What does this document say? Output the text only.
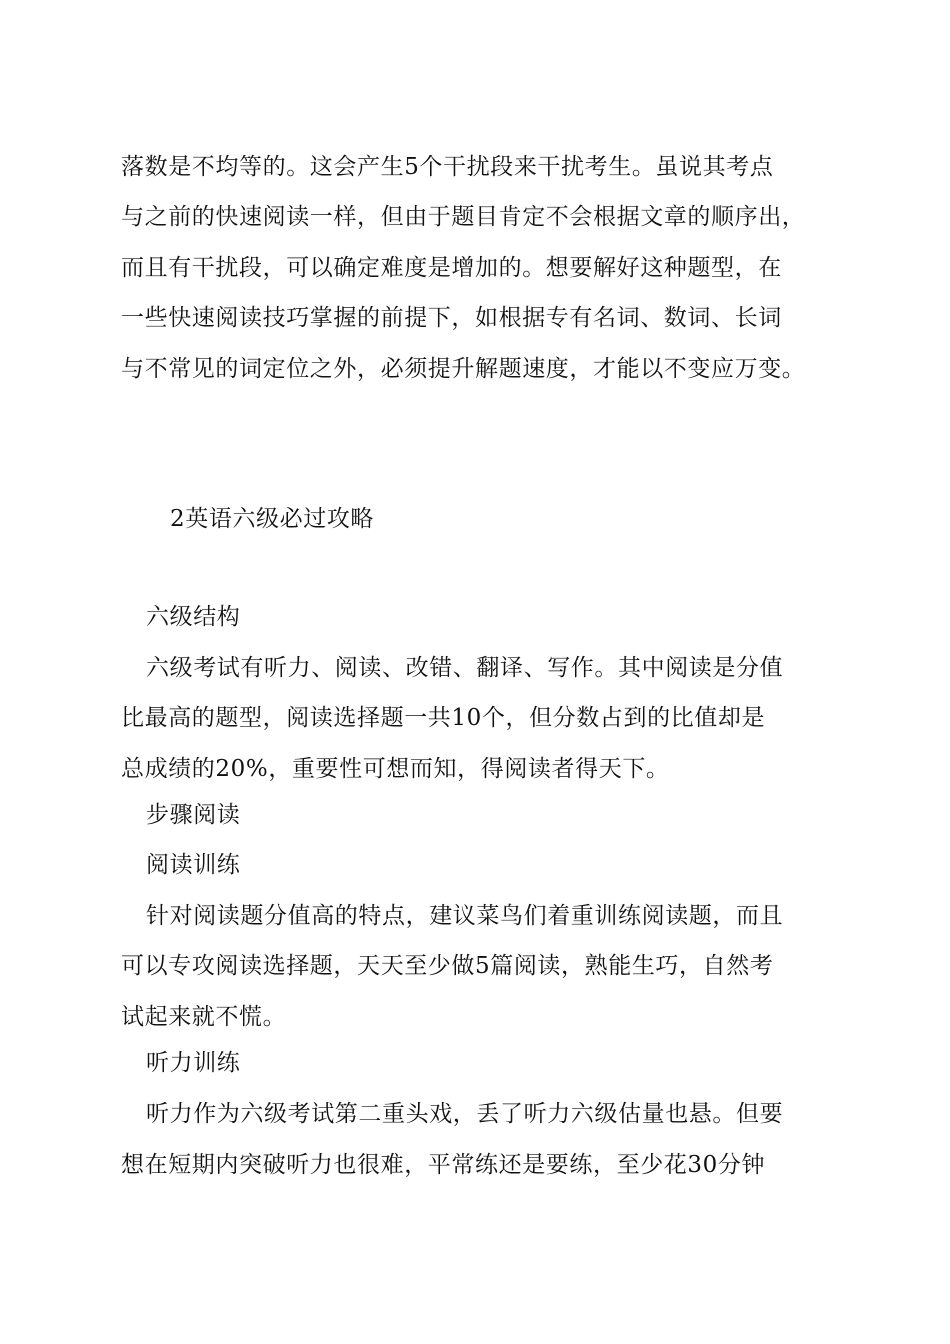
落数是不均等的。这会产生5个干扰段来干扰考生。虽说其考点
与之前的快速阅读一样，但由于题目肯定不会根据文章的顺序出，
而且有干扰段，可以确定难度是增加的。想要解好这种题型，在
一些快速阅读技巧掌握的前提下，如根据专有名词、数词、长词
与不常见的词定位之外，必须提升解题速度，才能以不变应万变。
2英语六级必过攻略
六级结构
六级考试有听力、阅读、改错、翻译、写作。其中阅读是分值
比最高的题型，阅读选择题一共10个，但分数占到的比值却是
总成绩的20%，重要性可想而知，得阅读者得天下。
步骤阅读
阅读训练
针对阅读题分值高的特点，建议菜鸟们着重训练阅读题，而且
可以专攻阅读选择题，天天至少做5篇阅读，熟能生巧，自然考
试起来就不慌。
听力训练
听力作为六级考试第二重头戏，丢了听力六级估量也悬。但要
想在短期内突破听力也很难，平常练还是要练，至少花30分钟
